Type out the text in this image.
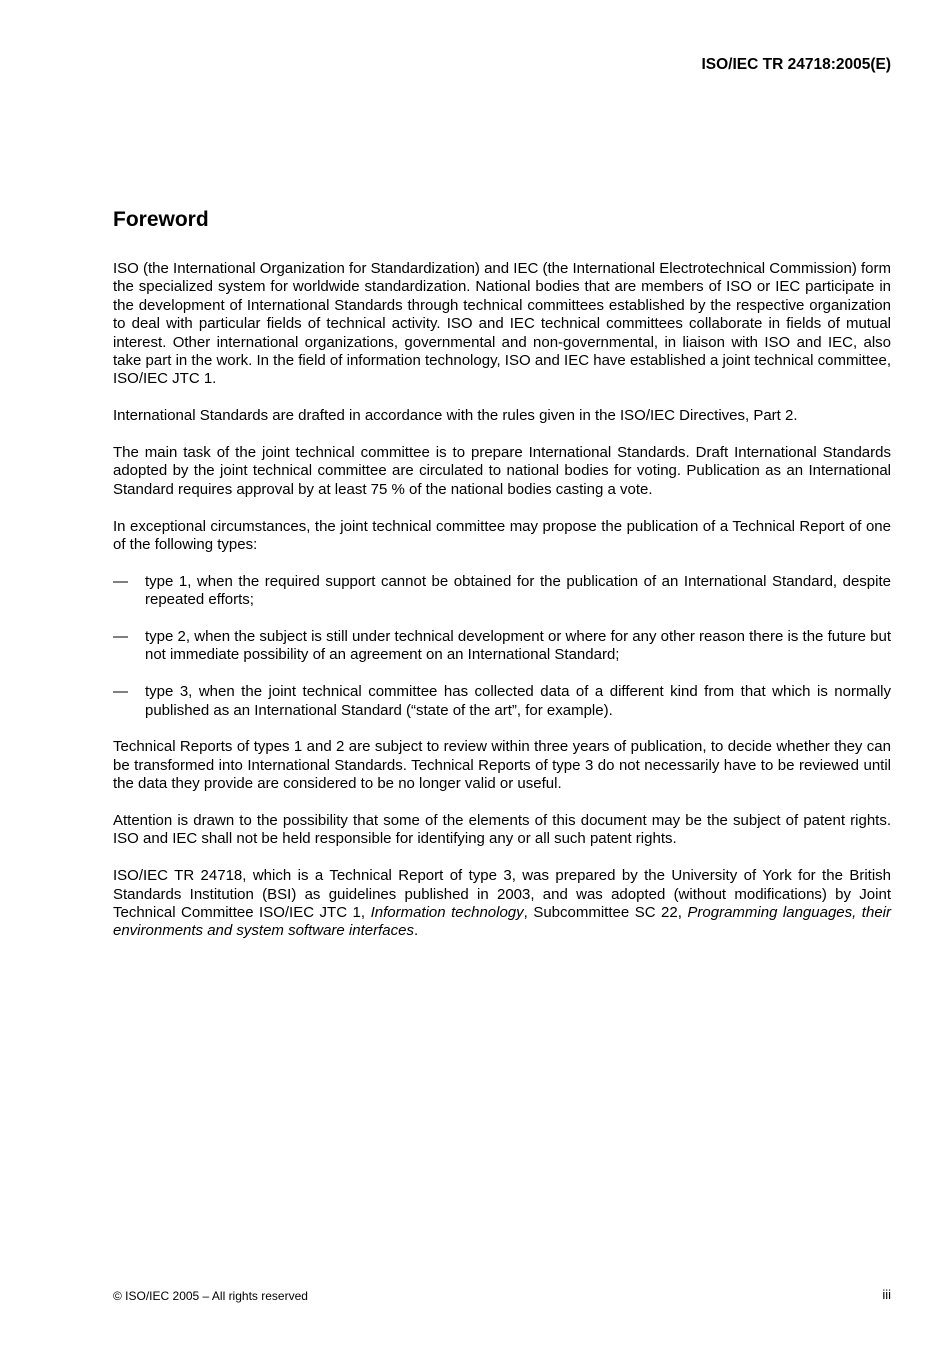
ISO/IEC TR 24718:2005(E)
Foreword

ISO (the International Organization for Standardization) and IEC (the International Electrotechnical Commission) form the specialized system for worldwide standardization. National bodies that are members of ISO or IEC participate in the development of International Standards through technical committees established by the respective organization to deal with particular fields of technical activity. ISO and IEC technical committees collaborate in fields of mutual interest. Other international organizations, governmental and non-governmental, in liaison with ISO and IEC, also take part in the work. In the field of information technology, ISO and IEC have established a joint technical committee, ISO/IEC JTC 1.

International Standards are drafted in accordance with the rules given in the ISO/IEC Directives, Part 2.

The main task of the joint technical committee is to prepare International Standards. Draft International Standards adopted by the joint technical committee are circulated to national bodies for voting. Publication as an International Standard requires approval by at least 75 % of the national bodies casting a vote.

In exceptional circumstances, the joint technical committee may propose the publication of a Technical Report of one of the following types:

—	type 1, when the required support cannot be obtained for the publication of an International Standard, despite repeated efforts;
—	type 2, when the subject is still under technical development or where for any other reason there is the future but not immediate possibility of an agreement on an International Standard;
—	type 3, when the joint technical committee has collected data of a different kind from that which is normally published as an International Standard (“state of the art”, for example).

Technical Reports of types 1 and 2 are subject to review within three years of publication, to decide whether they can be transformed into International Standards. Technical Reports of type 3 do not necessarily have to be reviewed until the data they provide are considered to be no longer valid or useful.

Attention is drawn to the possibility that some of the elements of this document may be the subject of patent rights. ISO and IEC shall not be held responsible for identifying any or all such patent rights.

ISO/IEC TR 24718, which is a Technical Report of type 3, was prepared by the University of York for the British Standards Institution (BSI) as guidelines published in 2003, and was adopted (without modifications) by Joint Technical Committee ISO/IEC JTC 1, Information technology, Subcommittee SC 22, Programming languages, their environments and system software interfaces.

© ISO/IEC 2005 – All rights reserved	iii
